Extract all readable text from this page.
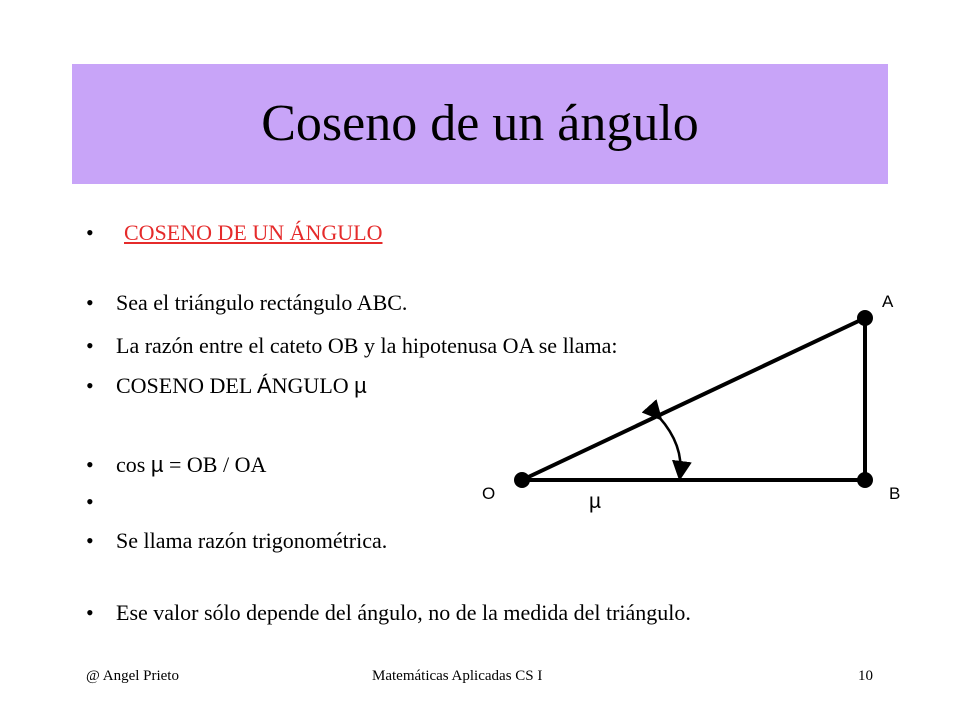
Coseno de un ángulo
• COSENO DE UN ÁNGULO
• Sea el triángulo rectángulo ABC.
• La razón entre el cateto OB y la hipotenusa OA se llama:
• COSENO DEL ÁNGULO µ
• cos µ = OB / OA
•
• Se llama razón trigonométrica.
• Ese valor sólo depende del ángulo, no de la medida del triángulo.
O
A
B
µ
@ Angel Prieto	Matemáticas Aplicadas CS I	10
